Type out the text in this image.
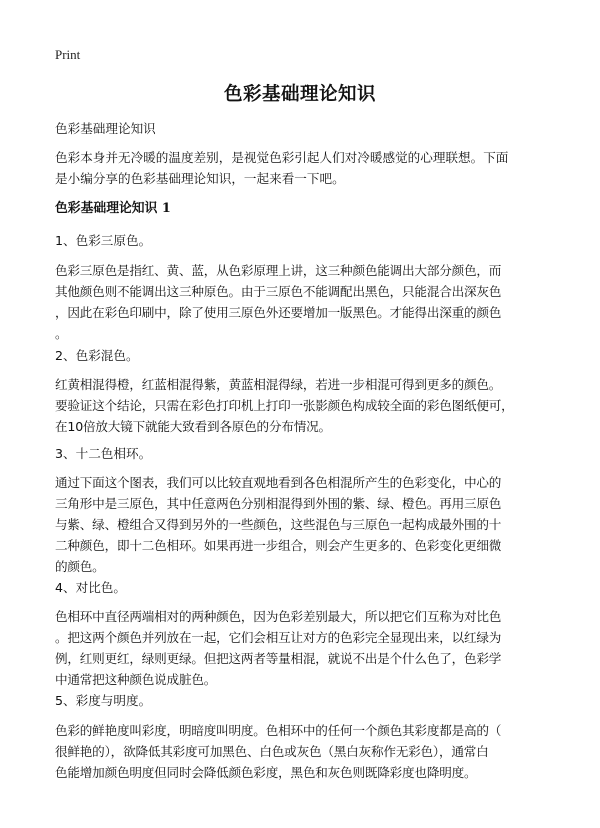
Print
色彩基础理论知识
色彩基础理论知识
色彩本身并无冷暖的温度差别，是视觉色彩引起人们对冷暖感觉的心理联想。下面
是小编分享的色彩基础理论知识，一起来看一下吧。
色彩基础理论知识 1
1、色彩三原色。
色彩三原色是指红、黄、蓝，从色彩原理上讲，这三种颜色能调出大部分颜色，而
其他颜色则不能调出这三种原色。由于三原色不能调配出黑色，只能混合出深灰色
，因此在彩色印刷中，除了使用三原色外还要增加一版黑色。才能得出深重的颜色
。
2、色彩混色。
红黄相混得橙，红蓝相混得紫，黄蓝相混得绿，若进一步相混可得到更多的颜色。
要验证这个结论，只需在彩色打印机上打印一张影颜色构成较全面的彩色图纸便可，
在10倍放大镜下就能大致看到各原色的分布情况。
3、十二色相环。
通过下面这个图表，我们可以比较直观地看到各色相混所产生的色彩变化，中心的
三角形中是三原色，其中任意两色分别相混得到外围的紫、绿、橙色。再用三原色
与紫、绿、橙组合又得到另外的一些颜色，这些混色与三原色一起构成最外围的十
二种颜色，即十二色相环。如果再进一步组合，则会产生更多的、色彩变化更细微
的颜色。
4、对比色。
色相环中直径两端相对的两种颜色，因为色彩差别最大，所以把它们互称为对比色
。把这两个颜色并列放在一起，它们会相互让对方的色彩完全显现出来，以红绿为
例，红则更红，绿则更绿。但把这两者等量相混，就说不出是个什么色了，色彩学
中通常把这种颜色说成脏色。
5、彩度与明度。
色彩的鲜艳度叫彩度，明暗度叫明度。色相环中的任何一个颜色其彩度都是高的（
很鲜艳的），欲降低其彩度可加黑色、白色或灰色（黑白灰称作无彩色），通常白
色能增加颜色明度但同时会降低颜色彩度，黑色和灰色则既降彩度也降明度。
